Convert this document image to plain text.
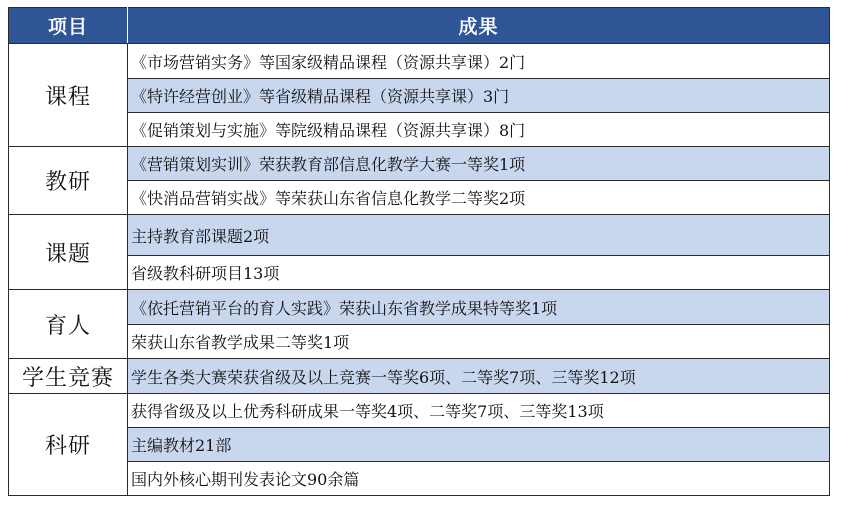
项目	成果
课程	《市场营销实务》等国家级精品课程（资源共享课）2门
	《特许经营创业》等省级精品课程（资源共享课）3门
	《促销策划与实施》等院级精品课程（资源共享课）8门
教研	《营销策划实训》荣获教育部信息化教学大赛一等奖1项
	《快消品营销实战》等荣获山东省信息化教学二等奖2项
课题	主持教育部课题2项
	省级教科研项目13项
育人	《依托营销平台的育人实践》荣获山东省教学成果特等奖1项
	荣获山东省教学成果二等奖1项
学生竞赛	学生各类大赛荣获省级及以上竞赛一等奖6项、二等奖7项、三等奖12项
科研	获得省级及以上优秀科研成果一等奖4项、二等奖7项、三等奖13项
	主编教材21部
	国内外核心期刊发表论文90余篇
